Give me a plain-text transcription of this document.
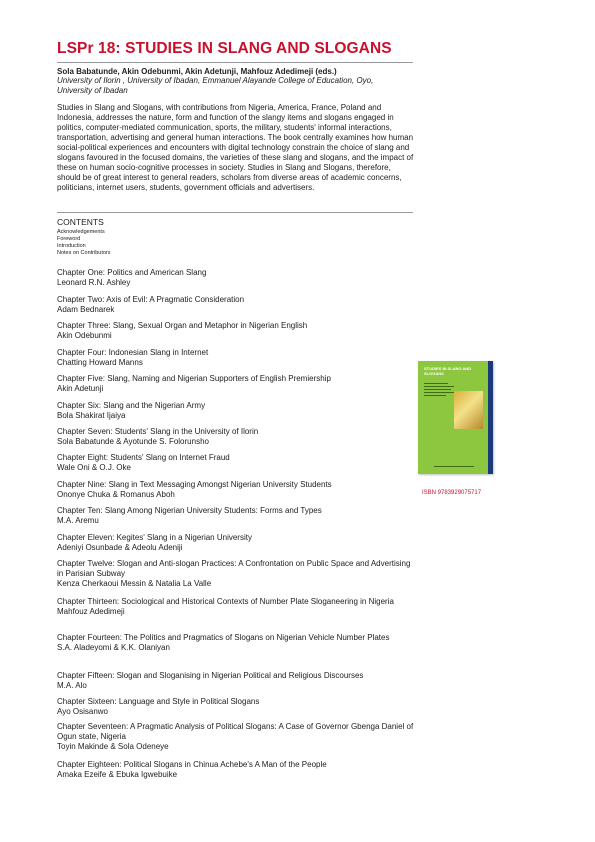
LSPr 18: STUDIES IN SLANG AND SLOGANS
Sola Babatunde, Akin Odebunmi, Akin Adetunji, Mahfouz Adedimeji (eds.)
University of Ilorin , University of Ibadan, Emmanuel Alayande College of Education, Oyo, University of Ibadan
Studies in Slang and Slogans, with contributions from Nigeria, America, France, Poland and Indonesia, addresses the nature, form and function of the slangy items and slogans engaged in politics, computer-mediated communication, sports, the military, students' informal interactions, transportation, advertising and general human interactions. The book centrally examines how human social-political experiences and encounters with digital technology constrain the choice of slang and slogans favoured in the focused domains, the varieties of these slang and slogans, and the impact of these on human socio-cognitive processes in society. Studies in Slang and Slogans, therefore, should be of great interest to general readers, scholars from diverse areas of academic concerns, politicians, internet users, students, government officials and advertisers.
CONTENTS
Acknowledgements
Foreword
Introduction
Notes on Contributors
Chapter One: Politics and American Slang
Leonard R.N. Ashley
Chapter Two: Axis of Evil: A Pragmatic Consideration
Adam Bednarek
Chapter Three: Slang, Sexual Organ and Metaphor in Nigerian English
Akin Odebunmi
Chapter Four: Indonesian Slang in Internet
Chatting Howard Manns
Chapter Five: Slang, Naming and Nigerian Supporters of English Premiership
Akin Adetunji
Chapter Six: Slang and the Nigerian Army
Bola Shakirat Ijaiya
Chapter Seven: Students' Slang in the University of Ilorin
Sola Babatunde & Ayotunde S. Folorunsho
Chapter Eight: Students' Slang on Internet Fraud
Wale Oni & O.J. Oke
Chapter Nine: Slang in Text Messaging Amongst Nigerian University Students
Ononye Chuka & Romanus Aboh
Chapter Ten: Slang Among Nigerian University Students: Forms and Types
M.A. Aremu
Chapter Eleven: Kegites' Slang in a Nigerian University
Adeniyi Osunbade & Adeolu Adeniji
Chapter Twelve: Slogan and Anti-slogan Practices: A Confrontation on Public Space and Advertising in Parisian Subway
Kenza Cherkaoui Messin & Natalia La Valle
Chapter Thirteen: Sociological and Historical Contexts of Number Plate Sloganeering in Nigeria
Mahfouz Adedimeji
Chapter Fourteen: The Politics and Pragmatics of Slogans on Nigerian Vehicle Number Plates
S.A. Aladeyomi & K.K. Olaniyan
Chapter Fifteen: Slogan and Sloganising in Nigerian Political and Religious Discourses
M.A. Alo
Chapter Sixteen: Language and Style in Political Slogans
Ayo Osisanwo
Chapter Seventeen: A Pragmatic Analysis of Political Slogans: A Case of Governor Gbenga Daniel of Ogun state, Nigeria
Toyin Makinde & Sola Odeneye
Chapter Eighteen: Political Slogans in Chinua Achebe's A Man of the People
Amaka Ezeife & Ebuka Igwebuike
STUDIES IN SLANG AND SLOGANS
ISBN 9783929075717
